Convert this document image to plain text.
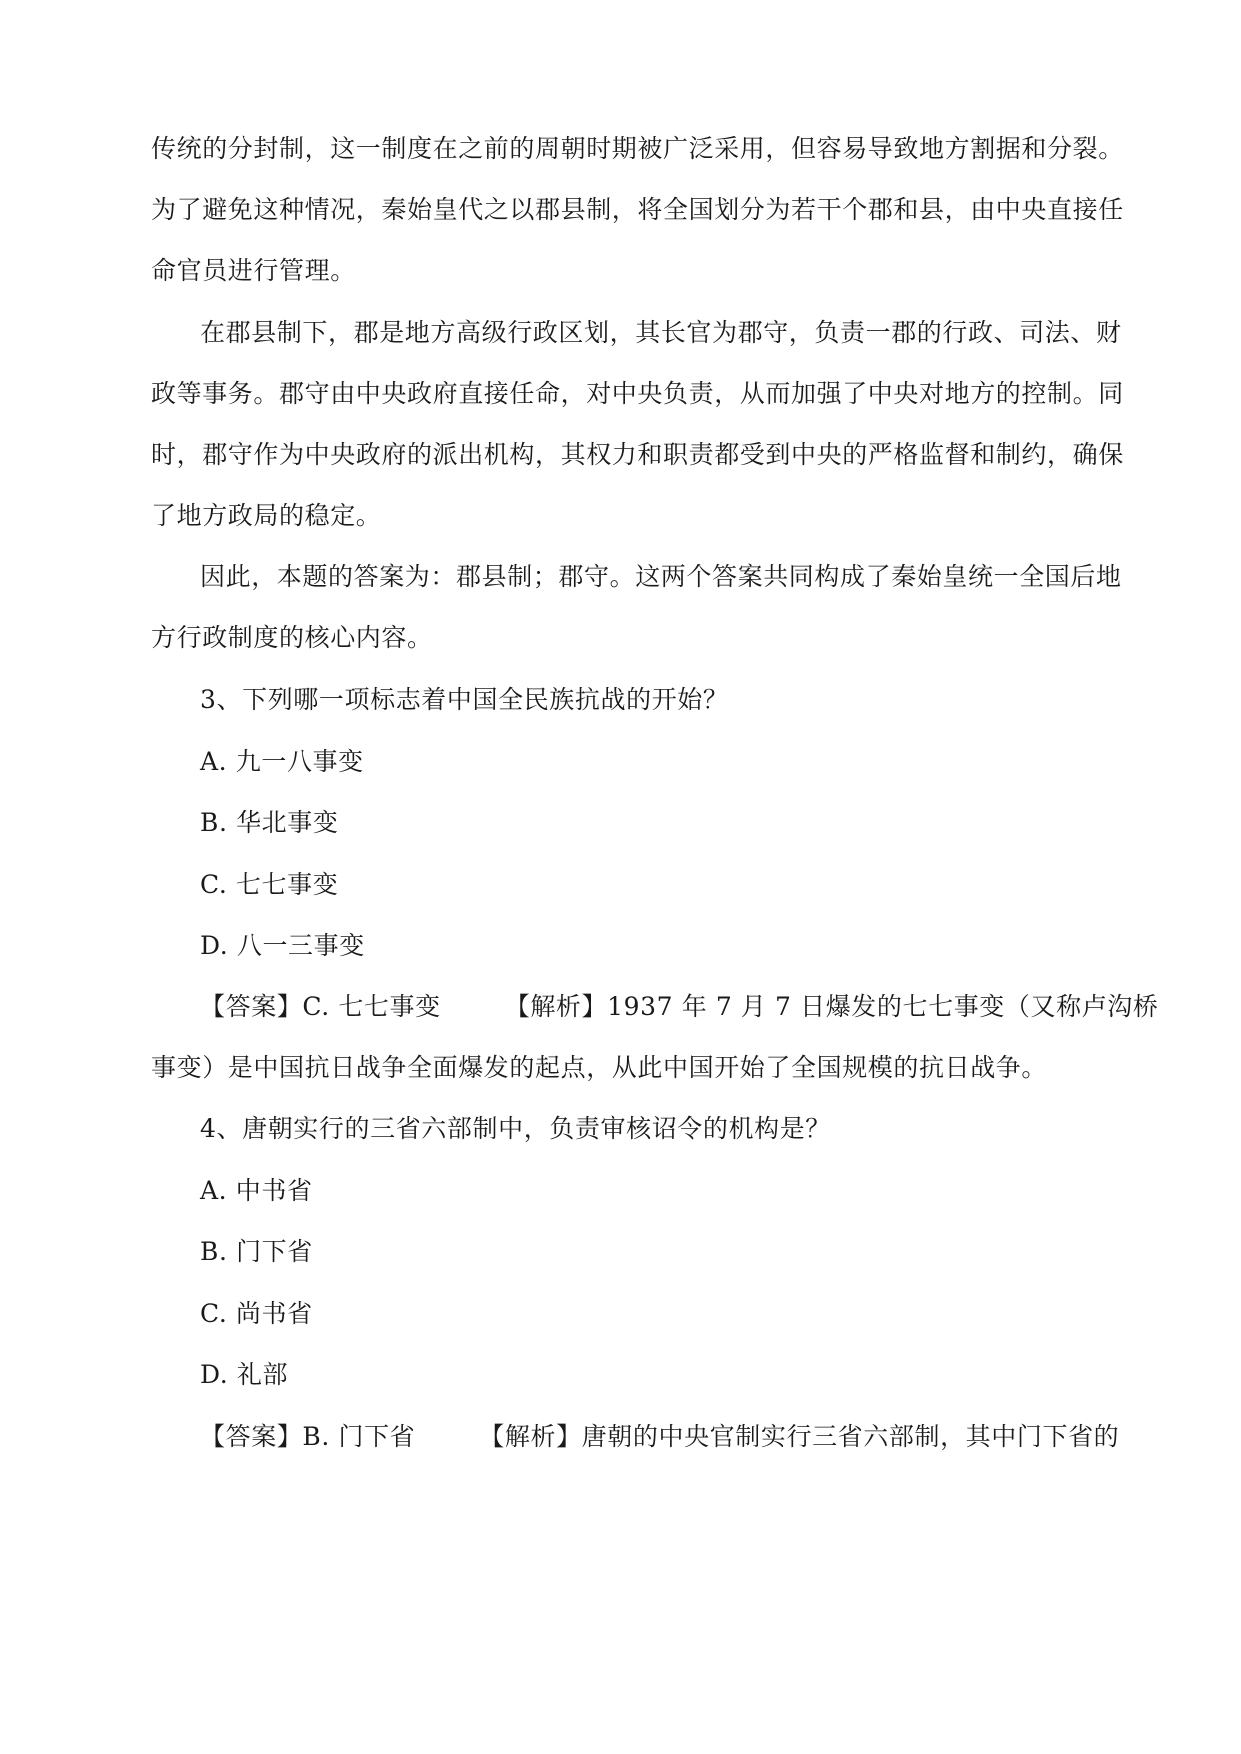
传统的分封制，这一制度在之前的周朝时期被广泛采用，但容易导致地方割据和分裂。
为了避免这种情况，秦始皇代之以郡县制，将全国划分为若干个郡和县，由中央直接任
命官员进行管理。
在郡县制下，郡是地方高级行政区划，其长官为郡守，负责一郡的行政、司法、财
政等事务。郡守由中央政府直接任命，对中央负责，从而加强了中央对地方的控制。同
时，郡守作为中央政府的派出机构，其权力和职责都受到中央的严格监督和制约，确保
了地方政局的稳定。
因此，本题的答案为：郡县制；郡守。这两个答案共同构成了秦始皇统一全国后地
方行政制度的核心内容。
3、下列哪一项标志着中国全民族抗战的开始？
A. 九一八事变
B. 华北事变
C. 七七事变
D. 八一三事变
【答案】C. 七七事变	【解析】1937 年 7 月 7 日爆发的七七事变（又称卢沟桥
事变）是中国抗日战争全面爆发的起点，从此中国开始了全国规模的抗日战争。
4、唐朝实行的三省六部制中，负责审核诏令的机构是？
A. 中书省
B. 门下省
C. 尚书省
D. 礼部
【答案】B. 门下省	【解析】唐朝的中央官制实行三省六部制，其中门下省的
